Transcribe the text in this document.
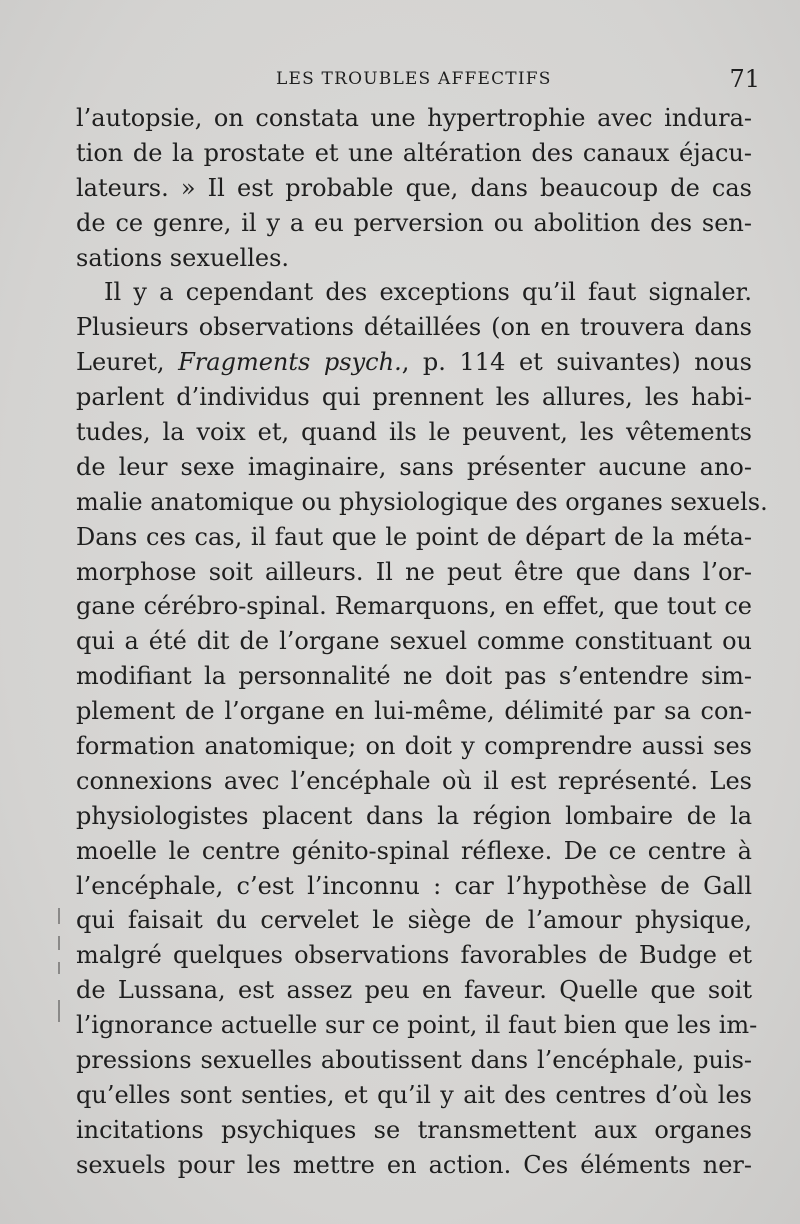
LES TROUBLES AFFECTIFS	71
l’autopsie, on constata une hypertrophie avec indura-
tion de la prostate et une altération des canaux éjacu-
lateurs. » Il est probable que, dans beaucoup de cas
de ce genre, il y a eu perversion ou abolition des sen-
sations sexuelles.
Il y a cependant des exceptions qu’il faut signaler.
Plusieurs observations détaillées (on en trouvera dans
Leuret, Fragments psych., p. 114 et suivantes) nous
parlent d’individus qui prennent les allures, les habi-
tudes, la voix et, quand ils le peuvent, les vêtements
de leur sexe imaginaire, sans présenter aucune ano-
malie anatomique ou physiologique des organes sexuels.
Dans ces cas, il faut que le point de départ de la méta-
morphose soit ailleurs. Il ne peut être que dans l’or-
gane cérébro-spinal. Remarquons, en effet, que tout ce
qui a été dit de l’organe sexuel comme constituant ou
modifiant la personnalité ne doit pas s’entendre sim-
plement de l’organe en lui-même, délimité par sa con-
formation anatomique; on doit y comprendre aussi ses
connexions avec l’encéphale où il est représenté. Les
physiologistes placent dans la région lombaire de la
moelle le centre génito-spinal réflexe. De ce centre à
l’encéphale, c’est l’inconnu : car l’hypothèse de Gall
qui faisait du cervelet le siège de l’amour physique,
malgré quelques observations favorables de Budge et
de Lussana, est assez peu en faveur. Quelle que soit
l’ignorance actuelle sur ce point, il faut bien que les im-
pressions sexuelles aboutissent dans l’encéphale, puis-
qu’elles sont senties, et qu’il y ait des centres d’où les
incitations psychiques se transmettent aux organes
sexuels pour les mettre en action. Ces éléments ner-
